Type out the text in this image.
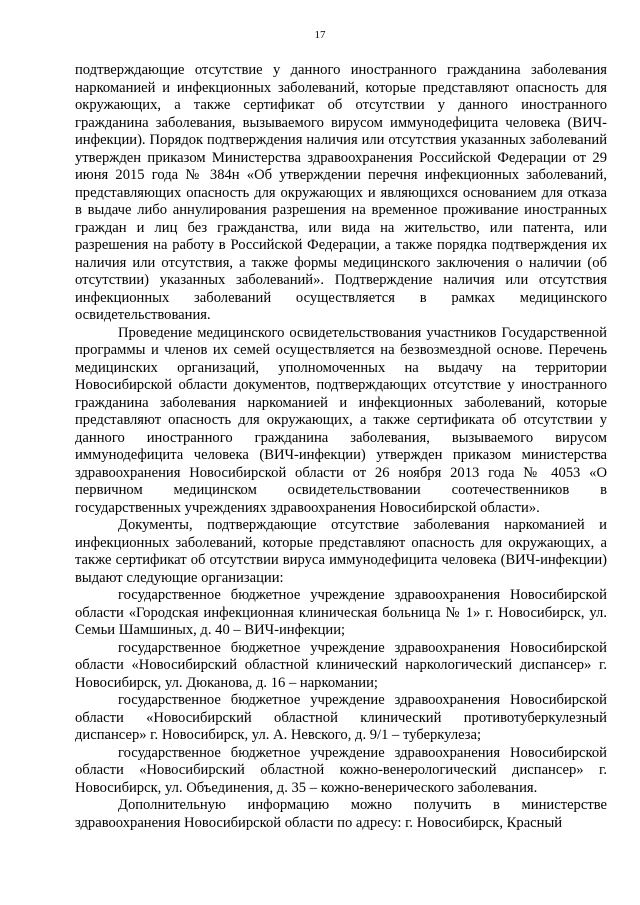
17

подтверждающие отсутствие у данного иностранного гражданина заболевания наркоманией и инфекционных заболеваний, которые представляют опасность для окружающих, а также сертификат об отсутствии у данного иностранного гражданина заболевания, вызываемого вирусом иммунодефицита человека (ВИЧ-инфекции). Порядок подтверждения наличия или отсутствия указанных заболеваний утвержден приказом Министерства здравоохранения Российской Федерации от 29 июня 2015 года № 384н «Об утверждении перечня инфекционных заболеваний, представляющих опасность для окружающих и являющихся основанием для отказа в выдаче либо аннулирования разрешения на временное проживание иностранных граждан и лиц без гражданства, или вида на жительство, или патента, или разрешения на работу в Российской Федерации, а также порядка подтверждения их наличия или отсутствия, а также формы медицинского заключения о наличии (об отсутствии) указанных заболеваний». Подтверждение наличия или отсутствия инфекционных заболеваний осуществляется в рамках медицинского освидетельствования.

Проведение медицинского освидетельствования участников Государственной программы и членов их семей осуществляется на безвозмездной основе. Перечень медицинских организаций, уполномоченных на выдачу на территории Новосибирской области документов, подтверждающих отсутствие у иностранного гражданина заболевания наркоманией и инфекционных заболеваний, которые представляют опасность для окружающих, а также сертификата об отсутствии у данного иностранного гражданина заболевания, вызываемого вирусом иммунодефицита человека (ВИЧ-инфекции) утвержден приказом министерства здравоохранения Новосибирской области от 26 ноября 2013 года № 4053 «О первичном медицинском освидетельствовании соотечественников в государственных учреждениях здравоохранения Новосибирской области».

Документы, подтверждающие отсутствие заболевания наркоманией и инфекционных заболеваний, которые представляют опасность для окружающих, а также сертификат об отсутствии вируса иммунодефицита человека (ВИЧ-инфекции) выдают следующие организации:

государственное бюджетное учреждение здравоохранения Новосибирской области «Городская инфекционная клиническая больница № 1» г. Новосибирск, ул. Семьи Шамшиных, д. 40 – ВИЧ-инфекции;

государственное бюджетное учреждение здравоохранения Новосибирской области «Новосибирский областной клинический наркологический диспансер» г. Новосибирск, ул. Дюканова, д. 16 – наркомании;

государственное бюджетное учреждение здравоохранения Новосибирской области «Новосибирский областной клинический противотуберкулезный диспансер» г. Новосибирск, ул. А. Невского, д. 9/1 – туберкулеза;

государственное бюджетное учреждение здравоохранения Новосибирской области «Новосибирский областной кожно-венерологический диспансер» г. Новосибирск, ул. Объединения, д. 35 – кожно-венерического заболевания.

Дополнительную информацию можно получить в министерстве здравоохранения Новосибирской области по адресу: г. Новосибирск, Красный
